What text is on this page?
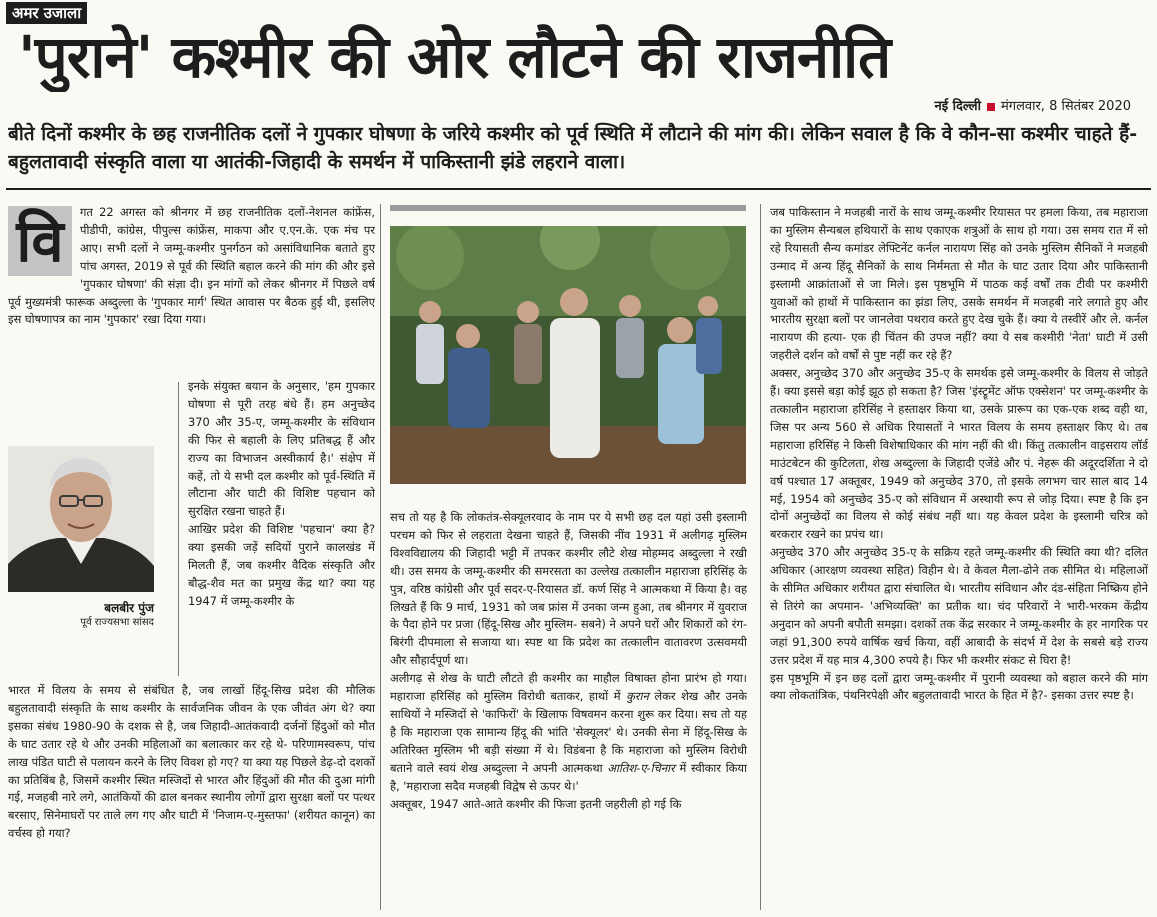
अमर उजाला
'पुराने' कश्मीर की ओर लौटने की राजनीति
नई दिल्ली मंगलवार, 8 सितंबर 2020
बीते दिनों कश्मीर के छह राजनीतिक दलों ने गुपकार घोषणा के जरिये कश्मीर को पूर्व स्थिति में लौटाने की मांग की। लेकिन सवाल है कि वे कौन-सा कश्मीर चाहते हैं-बहुलतावादी संस्कृति वाला या आतंकी-जिहादी के समर्थन में पाकिस्तानी झंडे लहराने वाला।
वि	गत 22 अगस्त को श्रीनगर में छह राजनीतिक दलों-नेशनल कांफ्रेंस, पीडीपी, कांग्रेस, पीपुल्स कांफ्रेंस, माकपा और ए.एन.के. एक मंच पर आए। सभी दलों ने जम्मू-कश्मीर पुनर्गठन को असांविधानिक बताते हुए पांच अगस्त, 2019 से पूर्व की स्थिति बहाल करने की मांग की और इसे 'गुपकार घोषणा' की संज्ञा दी। इन मांगों को लेकर श्रीनगर में पिछले वर्ष पूर्व मुख्यमंत्री फारूक अब्दुल्ला के 'गुपकार मार्ग' स्थित आवास पर बैठक हुई थी, इसलिए इस घोषणापत्र का नाम 'गुपकार' रखा दिया गया।

बलबीर पुंज
पूर्व राज्यसभा सांसद

इनके संयुक्त बयान के अनुसार, 'हम गुपकार घोषणा से पूरी तरह बंधे हैं। हम अनुच्छेद 370 और 35-ए, जम्मू-कश्मीर के संविधान की फिर से बहाली के लिए प्रतिबद्ध हैं और राज्य का विभाजन अस्वीकार्य है।' संक्षेप में कहें, तो ये सभी दल कश्मीर को पूर्व-स्थिति में लौटाना और घाटी की विशिष्ट पहचान को सुरक्षित रखना चाहते हैं।

आखिर प्रदेश की विशिष्ट 'पहचान' क्या है? क्या इसकी जड़ें सदियों पुराने कालखंड में मिलती हैं, जब कश्मीर वैदिक संस्कृति और बौद्ध-शैव मत का प्रमुख केंद्र था? क्या यह 1947 में जम्मू-कश्मीर के

भारत में विलय के समय से संबंधित है, जब लाखों हिंदू-सिख प्रदेश की मौलिक बहुलतावादी संस्कृति के साथ कश्मीर के सार्वजनिक जीवन के एक जीवंत अंग थे? क्या इसका संबंध 1980-90 के दशक से है, जब जिहादी-आतंकवादी दर्जनों हिंदुओं को मौत के घाट उतार रहे थे और उनकी महिलाओं का बलात्कार कर रहे थे- परिणामस्वरूप, पांच लाख पंडित घाटी से पलायन करने के लिए विवश हो गए? या क्या यह पिछले डेढ़-दो दशकों का प्रतिबिंब है, जिसमें कश्मीर स्थित मस्जिदों से भारत और हिंदुओं की मौत की दुआ मांगी गई, मजहबी नारे लगे, आतंकियों की ढाल बनकर स्थानीय लोगों द्वारा सुरक्षा बलों पर पत्थर बरसाए, सिनेमाघरों पर ताले लग गए और घाटी में 'निजाम-ए-मुस्तफा' (शरीयत कानून) का वर्चस्व हो गया?

सच तो यह है कि लोकतंत्र-सेक्यूलरवाद के नाम पर ये सभी छह दल यहां उसी इस्लामी परचम को फिर से लहराता देखना चाहते हैं, जिसकी नींव 1931 में अलीगढ़ मुस्लिम विश्वविद्यालय की जिहादी भट्टी में तपकर कश्मीर लौटे शेख मोहम्मद अब्दुल्ला ने रखी थी। उस समय के जम्मू-कश्मीर की समरसता का उल्लेख तत्कालीन महाराजा हरिसिंह के पुत्र, वरिष्ठ कांग्रेसी और पूर्व सदर-ए-रियासत डॉ. कर्ण सिंह ने आत्मकथा में किया है। वह लिखते हैं कि 9 मार्च, 1931 को जब फ्रांस में उनका जन्म हुआ, तब श्रीनगर में युवराज के पैदा होने पर प्रजा (हिंदू-सिख और मुस्लिम- सबने) ने अपने घरों और शिकारों को रंग-बिरंगी दीपमाला से सजाया था। स्पष्ट था कि प्रदेश का तत्कालीन वातावरण उत्सवमयी और सौहार्दपूर्ण था।

अलीगढ़ से शेख के घाटी लौटते ही कश्मीर का माहौल विषाक्त होना प्रारंभ हो गया। महाराजा हरिसिंह को मुस्लिम विरोधी बताकर, हाथों में कुरान लेकर शेख और उनके साथियों ने मस्जिदों से 'काफिरों' के खिलाफ विषवमन करना शुरू कर दिया। सच तो यह है कि महाराजा एक सामान्य हिंदू की भांति 'सेक्यूलर' थे। उनकी सेना में हिंदू-सिख के अतिरिक्त मुस्लिम भी बड़ी संख्या में थे। विडंबना है कि महाराजा को मुस्लिम विरोधी बताने वाले स्वयं शेख अब्दुल्ला ने अपनी आत्मकथा आतिश-ए-चिनार में स्वीकार किया है, 'महाराजा सदैव मजहबी विद्वेष से ऊपर थे।'

अक्तूबर, 1947 आते-आते कश्मीर की फिजा इतनी जहरीली हो गई कि

जब पाकिस्तान ने मजहबी नारों के साथ जम्मू-कश्मीर रियासत पर हमला किया, तब महाराजा का मुस्लिम सैन्यबल हथियारों के साथ एकाएक शत्रुओं के साथ हो गया। उस समय रात में सो रहे रियासती सैन्य कमांडर लेफ्टिनेंट कर्नल नारायण सिंह को उनके मुस्लिम सैनिकों ने मजहबी उन्माद में अन्य हिंदू सैनिकों के साथ निर्ममता से मौत के घाट उतार दिया और पाकिस्तानी इस्लामी आक्रांताओं से जा मिले। इस पृष्ठभूमि में पाठक कई वर्षों तक टीवी पर कश्मीरी युवाओं को हाथों में पाकिस्तान का झंडा लिए, उसके समर्थन में मजहबी नारे लगाते हुए और भारतीय सुरक्षा बलों पर जानलेवा पथराव करते हुए देख चुके हैं। क्या ये तस्वीरें और ले. कर्नल नारायण की हत्या- एक ही चिंतन की उपज नहीं? क्या ये सब कश्मीरी 'नेता' घाटी में उसी जहरीले दर्शन को वर्षों से पुष्ट नहीं कर रहे हैं?

अक्सर, अनुच्छेद 370 और अनुच्छेद 35-ए के समर्थक इसे जम्मू-कश्मीर के विलय से जोड़ते हैं। क्या इससे बड़ा कोई झूठ हो सकता है? जिस 'इंस्ट्रूमेंट ऑफ एक्सेशन' पर जम्मू-कश्मीर के तत्कालीन महाराजा हरिसिंह ने हस्ताक्षर किया था, उसके प्रारूप का एक-एक शब्द वही था, जिस पर अन्य 560 से अधिक रियासतों ने भारत विलय के समय हस्ताक्षर किए थे। तब महाराजा हरिसिंह ने किसी विशेषाधिकार की मांग नहीं की थी। किंतु तत्कालीन वाइसराय लॉर्ड माउंटबेटन की कुटिलता, शेख अब्दुल्ला के जिहादी एजेंडे और पं. नेहरू की अदूरदर्शिता ने दो वर्ष पश्चात 17 अक्तूबर, 1949 को अनुच्छेद 370, तो इसके लगभग चार साल बाद 14 मई, 1954 को अनुच्छेद 35-ए को संविधान में अस्थायी रूप से जोड़ दिया। स्पष्ट है कि इन दोनों अनुच्छेदों का विलय से कोई संबंध नहीं था। यह केवल प्रदेश के इस्लामी चरित्र को बरकरार रखने का प्रपंच था।

अनुच्छेद 370 और अनुच्छेद 35-ए के सक्रिय रहते जम्मू-कश्मीर की स्थिति क्या थी? दलित अधिकार (आरक्षण व्यवस्था सहित) विहीन थे। वे केवल मैला-ढोने तक सीमित थे। महिलाओं के सीमित अधिकार शरीयत द्वारा संचालित थे। भारतीय संविधान और दंड-संहिता निष्क्रिय होने से तिरंगे का अपमान- 'अभिव्यक्ति' का प्रतीक था। चंद परिवारों ने भारी-भरकम केंद्रीय अनुदान को अपनी बपौती समझा। दशकों तक केंद्र सरकार ने जम्मू-कश्मीर के हर नागरिक पर जहां 91,300 रुपये वार्षिक खर्च किया, वहीं आबादी के संदर्भ में देश के सबसे बड़े राज्य उत्तर प्रदेश में यह मात्र 4,300 रुपये है। फिर भी कश्मीर संकट से घिरा है!

इस पृष्ठभूमि में इन छह दलों द्वारा जम्मू-कश्मीर में पुरानी व्यवस्था को बहाल करने की मांग क्या लोकतांत्रिक, पंथनिरपेक्षी और बहुलतावादी भारत के हित में है?- इसका उत्तर स्पष्ट है।
